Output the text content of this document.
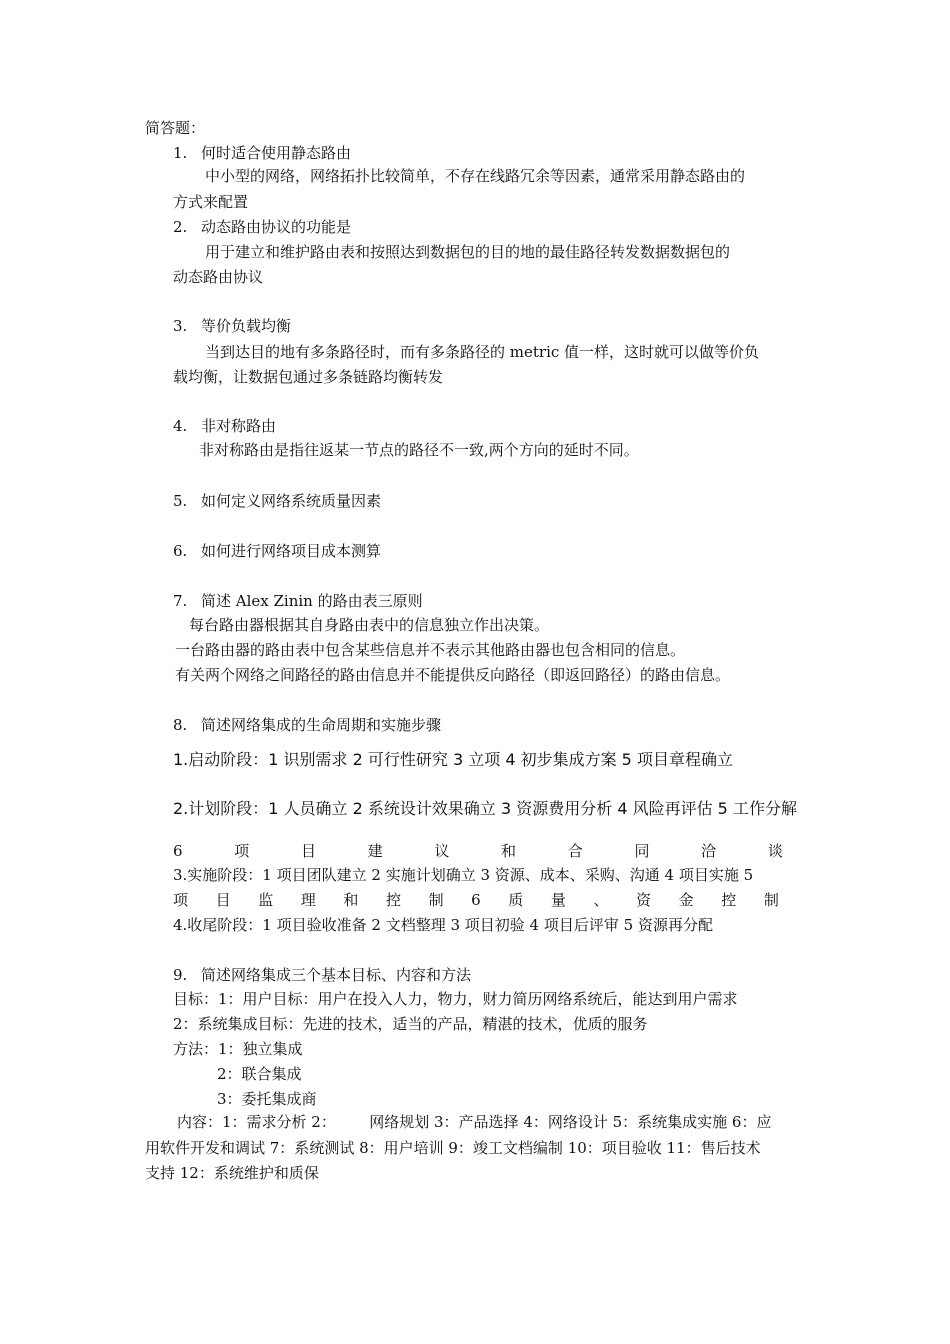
简答题：
1. 何时适合使用静态路由
中小型的网络，网络拓扑比较简单，不存在线路冗余等因素，通常采用静态路由的
方式来配置
2. 动态路由协议的功能是
用于建立和维护路由表和按照达到数据包的目的地的最佳路径转发数据数据包的
动态路由协议
3. 等价负载均衡
当到达目的地有多条路径时，而有多条路径的 metric 值一样，这时就可以做等价负
载均衡，让数据包通过多条链路均衡转发
4. 非对称路由
非对称路由是指往返某一节点的路径不一致,两个方向的延时不同。
5. 如何定义网络系统质量因素
6. 如何进行网络项目成本测算
7. 简述 Alex Zinin 的路由表三原则
每台路由器根据其自身路由表中的信息独立作出决策。
一台路由器的路由表中包含某些信息并不表示其他路由器也包含相同的信息。
有关两个网络之间路径的路由信息并不能提供反向路径（即返回路径）的路由信息。
8. 简述网络集成的生命周期和实施步骤
1.启动阶段：1 识别需求 2 可行性研究 3 立项 4 初步集成方案 5 项目章程确立
2.计划阶段：1 人员确立 2 系统设计效果确立 3 资源费用分析 4 风险再评估 5 工作分解
6	项	目	建	议	和	合	同	洽	谈
3.实施阶段：1 项目团队建立 2 实施计划确立 3 资源、成本、采购、沟通 4 项目实施 5
项 目 监 理 和 控 制 6 质 量 、 资 金 控 制
4.收尾阶段：1 项目验收准备 2 文档整理 3 项目初验 4 项目后评审 5 资源再分配
9. 简述网络集成三个基本目标、内容和方法
目标：1：用户目标：用户在投入人力，物力，财力简历网络系统后，能达到用户需求
2：系统集成目标：先进的技术，适当的产品，精湛的技术，优质的服务
方法：1：独立集成
2：联合集成
3：委托集成商
内容：1：需求分析 2：       网络规划 3：产品选择 4：网络设计 5：系统集成实施 6：应
用软件开发和调试 7：系统测试 8：用户培训 9：竣工文档编制 10：项目验收 11：售后技术
支持 12：系统维护和质保
